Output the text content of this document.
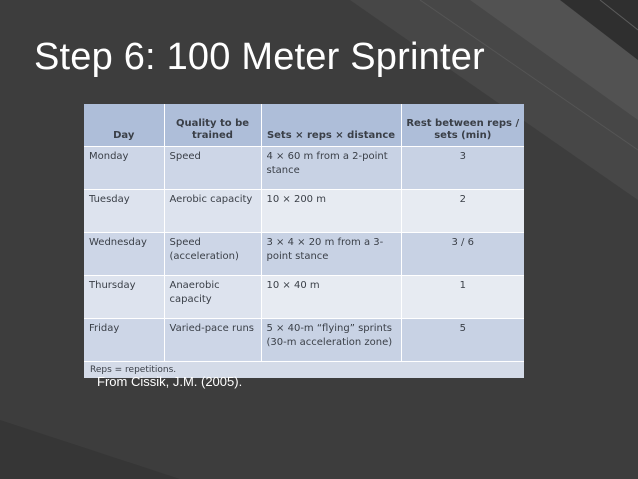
Step 6: 100 Meter Sprinter
Day	Quality to be trained	Sets × reps × distance	Rest between reps / sets (min)
Monday	Speed	4 × 60 m from a 2-point stance	3
Tuesday	Aerobic capacity	10 × 200 m	2
Wednesday	Speed (acceleration)	3 × 4 × 20 m from a 3-point stance	3 / 6
Thursday	Anaerobic capacity	10 × 40 m	1
Friday	Varied-pace runs	5 × 40-m “flying” sprints (30-m acceleration zone)	5
Reps = repetitions.
From Cissik, J.M. (2005).
